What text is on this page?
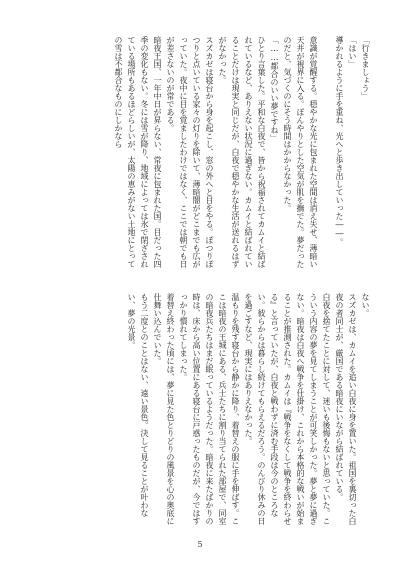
「行きましょう」

「はい」

導かれるように手を重ね、光へと歩き出していった――。

意識が覚醒する。穏やかな光に包まれた空間は消え失せ、薄暗い天井が視界に入る。ぼんやりとした空気が肌を撫でた。夢だったのだと、気づくのにそう時間はかからなかった。

「……都合のいい夢ですね」

ひとり言葉した。平和な白夜で、皆から祝福されてカムイと結ばれているなど、ありえない状況に過ぎない。カムイと結ばれていることだけは現実と同じだが、白夜で穏やかな生活が送れるはずがなかった。

スズカゼは寝台から身を起こし、窓の外へと目をやる。ぽつりぽつりと点いている家々の灯りを除いて、薄暗闇がどこまでも広がっていた。夜中に目を覚ましたわけではなく、ここでは朝でも日が差さないのが常である。

暗夜王国、一年中日が昇らない、常夜に包まれた国。目だった四季の変化もない。冬には雪が降り、地域によっては氷で閉ざされている場所もあるほどらしいが、太陽の恵みがない土地にとっての雪は不都合なものにしかなら

ない。

スズカゼは、カムイを追い白夜に身を置いた。祖国を裏切った白夜の者同士が、厳国である暗夜にいながら結ばれている。

白夜を捨てたことに対して、迷いも後悔もないと思っていた。こういう内容の夢を見てしまうことが可笑しかった。夢と夢に過ぎない。暗夜は白夜へ戦争を仕掛け、これから本格的な戦いが始まることが推測された。カムイは『戦争をなくして戦争を終わらせる』と言っていたが、白夜と戦わずに済む手段は今のところない。彼らからは暮らし続けてもらえるだろう。のんびり休みの日を過ごすなど、現実にはありえなかった。

温もりを残す寝台から静かに降り、着替えの服に手を伸ばす。ここは暗夜の王城にある、兵士たちに割り当てられた部屋で、同室の暗夜兵たちはまだ眠っているようだった。暗夜に来たばかりの時は、床から高い位置にある寝台に戸惑ったものだが、今ではすっかり慣れてしまった。

着替え終わった頃には、夢に見た色とりどりの風景を心の奥底に仕舞い込んでいた。

もう二度とのことはない、遠い景色。決して見ることが叶わない、夢の光景。

5
